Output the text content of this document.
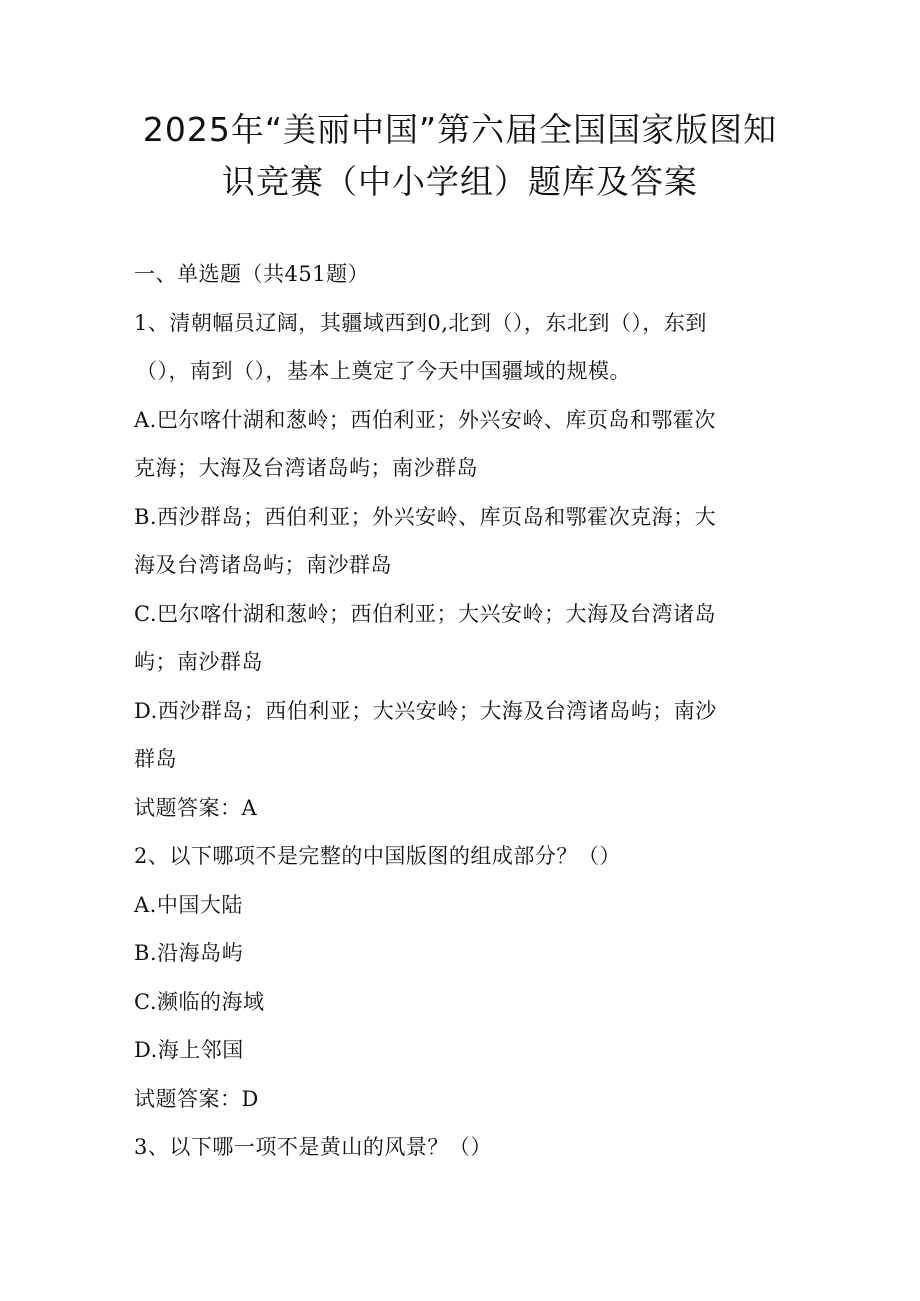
2025年“美丽中国”第六届全国国家版图知
识竞赛（中小学组）题库及答案
一、单选题（共451题）
1、清朝幅员辽阔，其疆域西到0,北到（），东北到（），东到
（），南到（），基本上奠定了今天中国疆域的规模。
A.巴尔喀什湖和葱岭；西伯利亚；外兴安岭、库页岛和鄂霍次
克海；大海及台湾诸岛屿；南沙群岛
B.西沙群岛；西伯利亚；外兴安岭、库页岛和鄂霍次克海；大
海及台湾诸岛屿；南沙群岛
C.巴尔喀什湖和葱岭；西伯利亚；大兴安岭；大海及台湾诸岛
屿；南沙群岛
D.西沙群岛；西伯利亚；大兴安岭；大海及台湾诸岛屿；南沙
群岛
试题答案：A
2、以下哪项不是完整的中国版图的组成部分？（）
A.中国大陆
B.沿海岛屿
C.濒临的海域
D.海上邻国
试题答案：D
3、以下哪一项不是黄山的风景？（）
